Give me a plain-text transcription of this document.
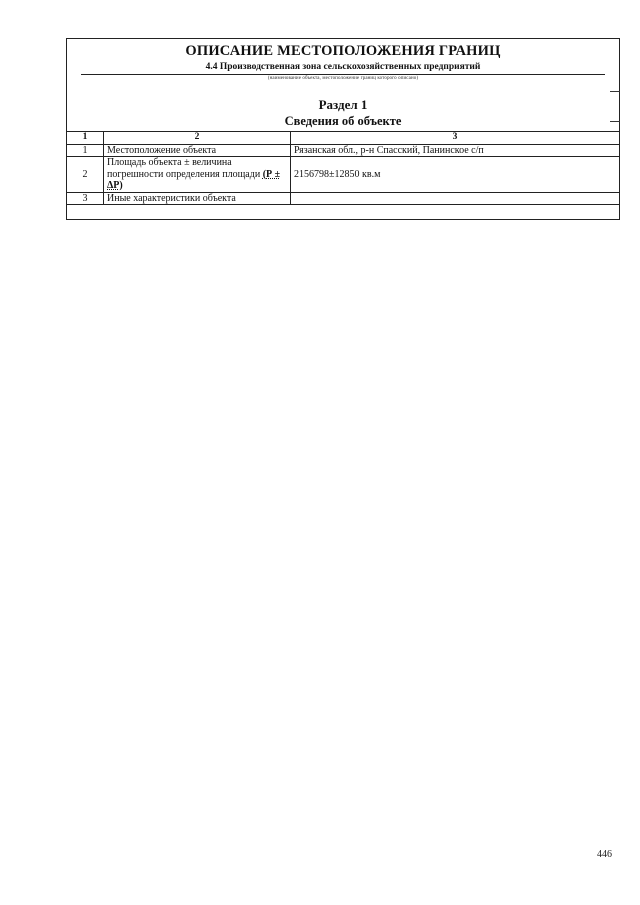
ОПИСАНИЕ МЕСТОПОЛОЖЕНИЯ ГРАНИЦ
4.4 Производственная зона сельскохозяйственных предприятий
(наименование объекта, местоположение границ которого описано)
Раздел 1
Сведения об объекте
1	2	3
1	Местоположение объекта	Рязанская обл., р-н Спасский, Панинское с/п
2	Площадь объекта ± величина погрешности определения площади (Р ± ΔР)	2156798±12850 кв.м
3	Иные характеристики объекта	
446
